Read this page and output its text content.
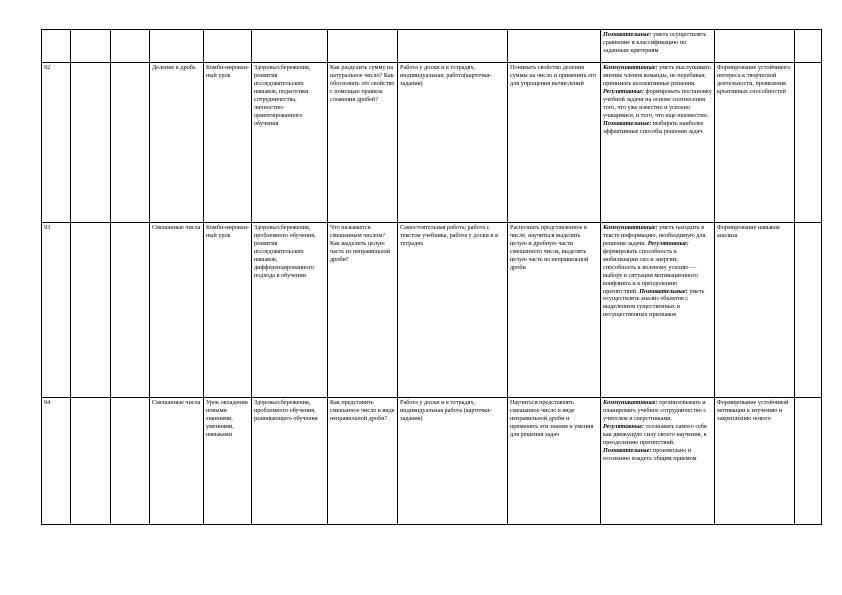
									Познавательные: уметь осуществлять сравнение и классификацию по заданным критериям		
92			Деление к дробь	Комби-нирован-ный урок	Здоровьесбережения, развития исследовательских навыков, педагогики сотрудничества, личностно-ориентированного обучения	Как разделить сумму на натуральное число? Как обосновать это свойство с помощью правила сложения дробей?	Работа у доски и в тетрадях, индивидуальная; работа(карточки-задания)	Понимать свойство деления суммы на число и применять его для упрощения вычислений	Коммуникативные: уметь выслушивать мнение членов команды, не перебивая; принимать коллективные решения. Регулятивные: формировать постановку учебной задачи на основе соотнесения того, что уже известно и усвоено учащимися, и того, что еще неизвестно. Познавательные: выбирать наиболее эффективные способы решения задач	Формирование устойчивого интереса к творческой деятельности, проявления креативных способностей	
93			Смешанные числа	Комби-нирован-ный урок	Здоровьесбережения, проблемного обучения, развития исследовательских навыков, дифференцированного подхода в обучении	Что называется смешанным числом? Как выделить целую часть из неправильной дроби?	Самостоятельная работа, работа с текстом учебника, работа у доски и в тетрадях	Распознать представленное в числе, научиться выделять целую и дробную части смешанного числа, выделять целую часть из неправильной дроби	Коммуникативные: уметь находить в тексте информацию, необходимую для решения задачи. Регулятивные: формировать способность к мобилизации сил и энергии; способность к волевому усилию — выбору в ситуации мотивационного конфликта и к преодолению препятствий. Познавательные: уметь осуществлять анализ объектов с выделением существенных и несущественных признаков	Формирование навыков анализа	
94			Смешанные числа	Урок овладения новыми знаниями, умениями, навыками	Здоровьесбережения, проблемного обучения, развивающего обучения	Как представить смешанное число в виде неправильной дроби?	Работа у доски и в тетрадях, индивидуальная работа (карточки-задания)	Научиться представлять смешанное число в виде неправильной дроби и применять эти знания и умения для решения задач	Коммуникативные: организовывать и планировать учебное сотрудничество с учителем и сверстниками. Регулятивные: осознавать самого себя как движущую силу своего научения, к преодолению препятствий. Познавательные: произвольно и осознанно владеть общим приемом	Формирование устойчивой мотивации к изучению и закреплению нового	
